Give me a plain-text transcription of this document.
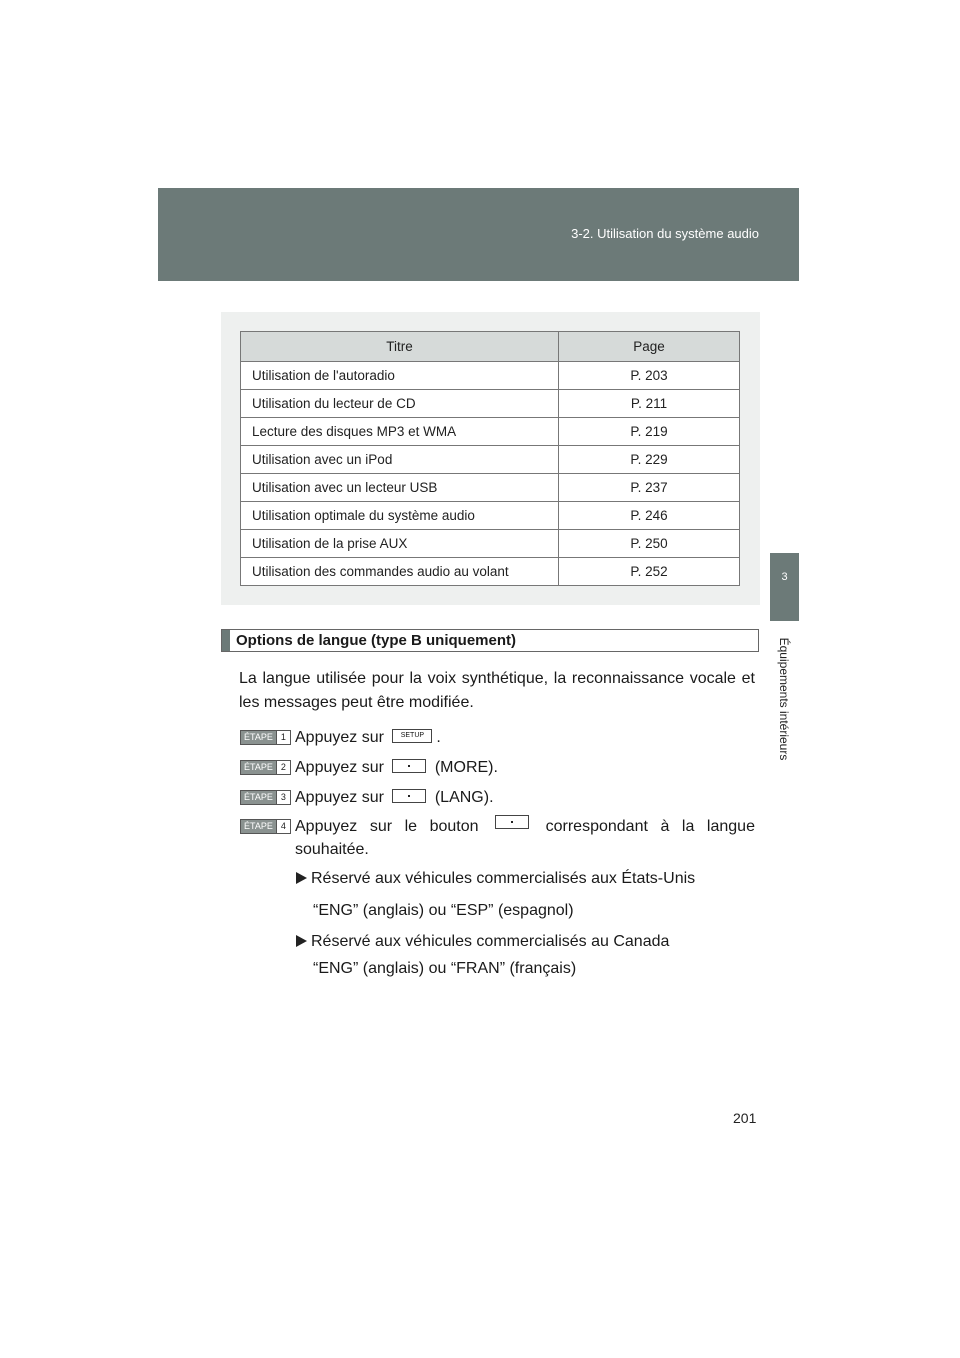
3-2. Utilisation du système audio
3
Équipements intérieurs
Titre	Page
Utilisation de l'autoradio	P. 203
Utilisation du lecteur de CD	P. 211
Lecture des disques MP3 et WMA	P. 219
Utilisation avec un iPod	P. 229
Utilisation avec un lecteur USB	P. 237
Utilisation optimale du système audio	P. 246
Utilisation de la prise AUX	P. 250
Utilisation des commandes audio au volant	P. 252
Options de langue (type B uniquement)
La langue utilisée pour la voix synthétique, la reconnaissance vocale et les messages peut être modifiée.
ÉTAPE 1 Appuyez sur SETUP .
ÉTAPE 2 Appuyez sur	(MORE).
ÉTAPE 3 Appuyez sur	(LANG).
ÉTAPE 4 Appuyez sur le bouton	correspondant à la langue
souhaitée.
Réservé aux véhicules commercialisés aux États-Unis
“ENG” (anglais) ou “ESP” (espagnol)
Réservé aux véhicules commercialisés au Canada
“ENG” (anglais) ou “FRAN” (français)
201
